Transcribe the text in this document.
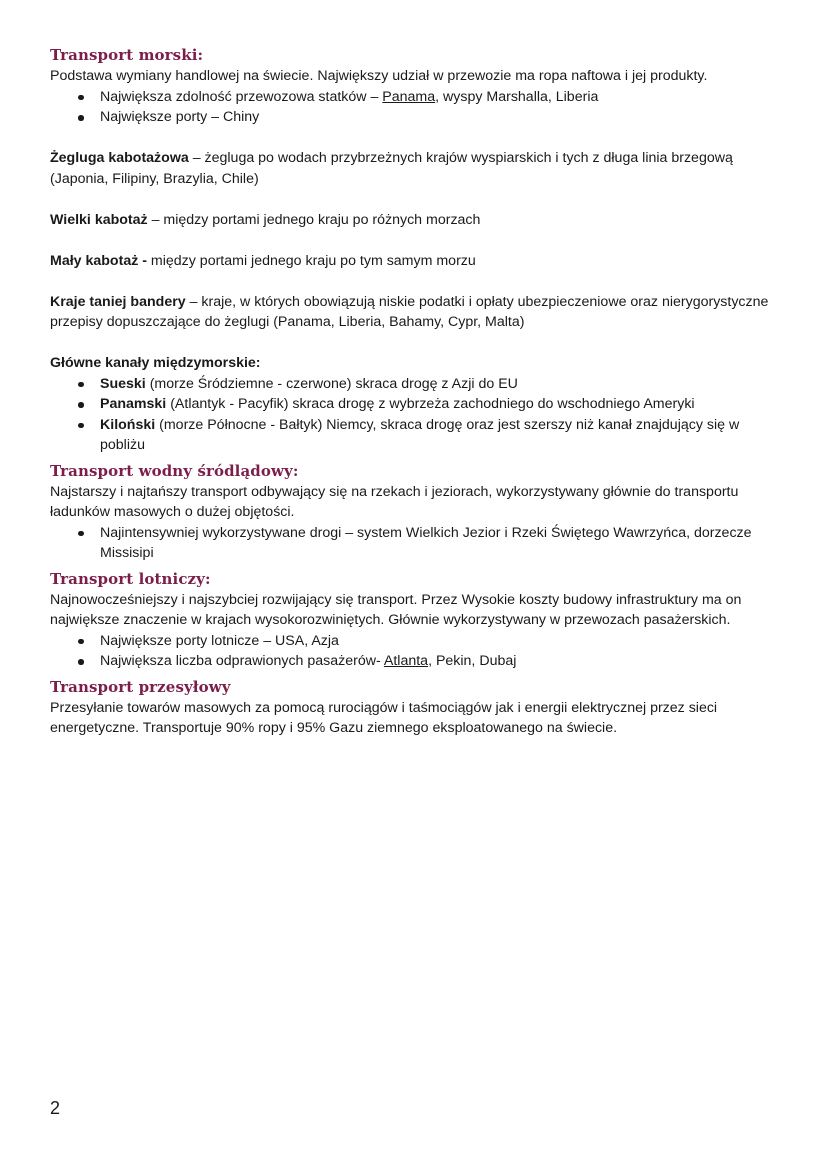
Transport morski:

Podstawa wymiany handlowej na świecie. Największy udział w przewozie ma ropa naftowa i jej produkty.

Największa zdolność przewozowa statków – Panama, wyspy Marshalla, Liberia
Największe porty – Chiny

Żegluga kabotażowa – żegluga po wodach przybrzeżnych krajów wyspiarskich i tych z długa linia brzegową (Japonia, Filipiny, Brazylia, Chile)

Wielki kabotaż – między portami jednego kraju po różnych morzach

Mały kabotaż - między portami jednego kraju po tym samym morzu

Kraje taniej bandery – kraje, w których obowiązują niskie podatki i opłaty ubezpieczeniowe oraz nierygorystyczne przepisy dopuszczające do żeglugi (Panama, Liberia, Bahamy, Cypr, Malta)

Główne kanały międzymorskie:

Sueski (morze Śródziemne - czerwone) skraca drogę z Azji do EU
Panamski (Atlantyk - Pacyfik) skraca drogę z wybrzeża zachodniego do wschodniego Ameryki
Kiloński (morze Północne - Bałtyk) Niemcy, skraca drogę oraz jest szerszy niż kanał znajdujący się w pobliżu
Transport wodny śródlądowy:

Najstarszy i najtańszy transport odbywający się na rzekach i jeziorach, wykorzystywany głównie do transportu ładunków masowych o dużej objętości.

Najintensywniej wykorzystywane drogi – system Wielkich Jezior i Rzeki Świętego Wawrzyńca, dorzecze Missisipi
Transport lotniczy:

Najnowocześniejszy i najszybciej rozwijający się transport. Przez Wysokie koszty budowy infrastruktury ma on największe znaczenie w krajach wysokorozwiniętych. Głównie wykorzystywany w przewozach pasażerskich.

Największe porty lotnicze – USA, Azja
Największa liczba odprawionych pasażerów- Atlanta, Pekin, Dubaj
Transport przesyłowy

Przesyłanie towarów masowych za pomocą rurociągów i taśmociągów jak i energii elektrycznej przez sieci energetyczne. Transportuje 90% ropy i 95% Gazu ziemnego eksploatowanego na świecie.

2
